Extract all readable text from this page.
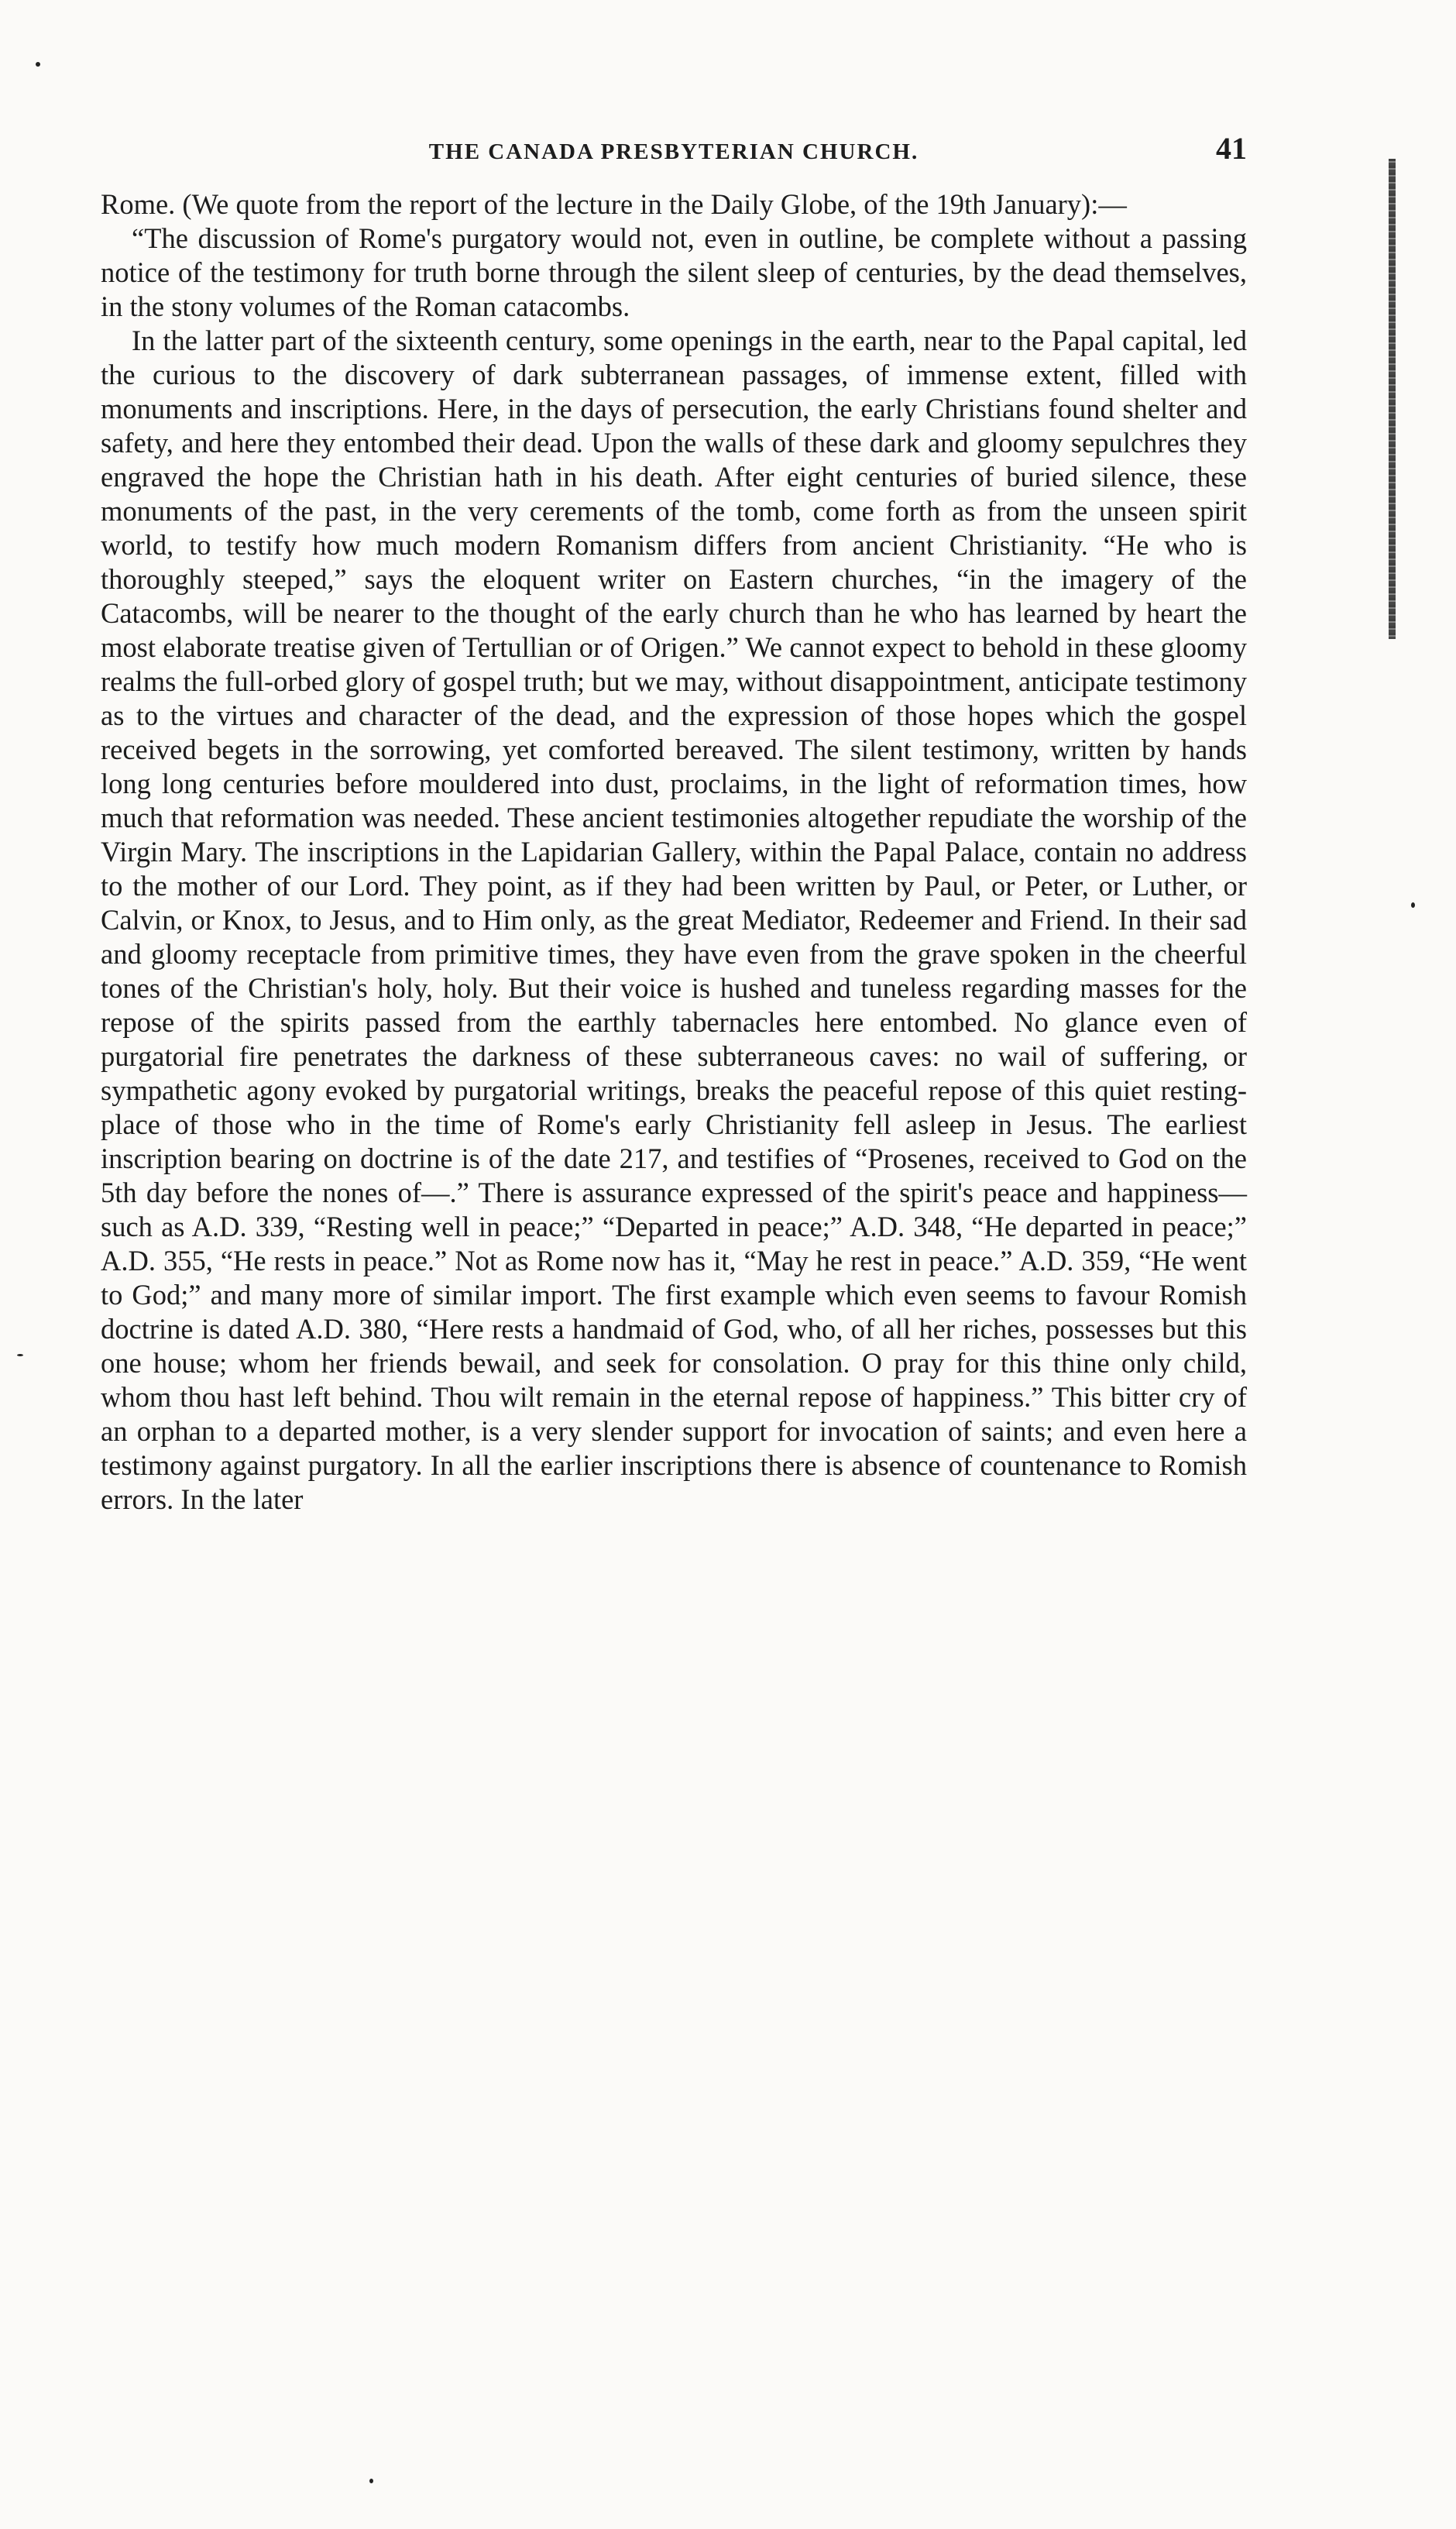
THE CANADA PRESBYTERIAN CHURCH.	41

Rome. (We quote from the report of the lecture in the Daily Globe, of the 19th January):—

“The discussion of Rome's purgatory would not, even in outline, be complete without a passing notice of the testimony for truth borne through the silent sleep of centuries, by the dead themselves, in the stony volumes of the Roman catacombs.

In the latter part of the sixteenth century, some openings in the earth, near to the Papal capital, led the curious to the discovery of dark subterranean passages, of immense extent, filled with monuments and inscriptions. Here, in the days of persecution, the early Christians found shelter and safety, and here they entombed their dead. Upon the walls of these dark and gloomy sepulchres they engraved the hope the Christian hath in his death. After eight centuries of buried silence, these monuments of the past, in the very cerements of the tomb, come forth as from the unseen spirit world, to testify how much modern Romanism differs from ancient Christianity. “He who is thoroughly steeped,” says the eloquent writer on Eastern churches, “in the imagery of the Catacombs, will be nearer to the thought of the early church than he who has learned by heart the most elaborate treatise given of Tertullian or of Origen.” We cannot expect to behold in these gloomy realms the full-orbed glory of gospel truth; but we may, without disappointment, anticipate testimony as to the virtues and character of the dead, and the expression of those hopes which the gospel received begets in the sorrowing, yet comforted bereaved. The silent testimony, written by hands long long centuries before mouldered into dust, proclaims, in the light of reformation times, how much that reformation was needed. These ancient testimonies altogether repudiate the worship of the Virgin Mary. The inscriptions in the Lapidarian Gallery, within the Papal Palace, contain no address to the mother of our Lord. They point, as if they had been written by Paul, or Peter, or Luther, or Calvin, or Knox, to Jesus, and to Him only, as the great Mediator, Redeemer and Friend. In their sad and gloomy receptacle from primitive times, they have even from the grave spoken in the cheerful tones of the Christian's holy, holy. But their voice is hushed and tuneless regarding masses for the repose of the spirits passed from the earthly tabernacles here entombed. No glance even of purgatorial fire penetrates the darkness of these subterraneous caves: no wail of suffering, or sympathetic agony evoked by purgatorial writings, breaks the peaceful repose of this quiet resting-place of those who in the time of Rome's early Christianity fell asleep in Jesus. The earliest inscription bearing on doctrine is of the date 217, and testifies of “Prosenes, received to God on the 5th day before the nones of—.” There is assurance expressed of the spirit's peace and happiness—such as A.D. 339, “Resting well in peace;” “Departed in peace;” A.D. 348, “He departed in peace;” A.D. 355, “He rests in peace.” Not as Rome now has it, “May he rest in peace.” A.D. 359, “He went to God;” and many more of similar import. The first example which even seems to favour Romish doctrine is dated A.D. 380, “Here rests a handmaid of God, who, of all her riches, possesses but this one house; whom her friends bewail, and seek for consolation. O pray for this thine only child, whom thou hast left behind. Thou wilt remain in the eternal repose of happiness.” This bitter cry of an orphan to a departed mother, is a very slender support for invocation of saints; and even here a testimony against purgatory. In all the earlier inscriptions there is absence of countenance to Romish errors. In the later
